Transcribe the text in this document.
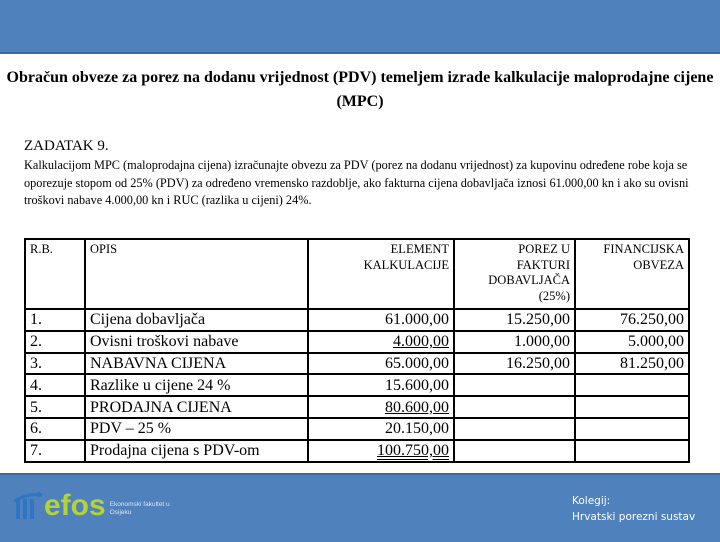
Obračun obveze za porez na dodanu vrijednost (PDV) temeljem izrade kalkulacije maloprodajne cijene (MPC)
ZADATAK 9.
Kalkulacijom MPC (maloprodajna cijena) izračunajte obvezu za PDV (porez na dodanu vrijednost) za kupovinu određene robe koja se oporezuje stopom od 25% (PDV) za određeno vremensko razdoblje, ako fakturna cijena dobavljača iznosi 61.000,00 kn i ako su ovisni troškovi nabave 4.000,00 kn i RUC (razlika u cijeni) 24%.
R.B.	OPIS	ELEMENT KALKULACIJE	POREZ U FAKTURI DOBAVLJAČA (25%)	FINANCIJSKA OBVEZA
1.	Cijena dobavljača	61.000,00	15.250,00	76.250,00
2.	Ovisni troškovi nabave	4.000,00	1.000,00	5.000,00
3.	NABAVNA CIJENA	65.000,00	16.250,00	81.250,00
4.	Razlike u cijene 24 %	15.600,00		
5.	PRODAJNA CIJENA	80.600,00		
6.	PDV – 25 %	20.150,00		
7.	Prodajna cijena s PDV-om	100.750,00		
efos Ekonomski fakultet u Osijeku
Kolegij:
Hrvatski porezni sustav
